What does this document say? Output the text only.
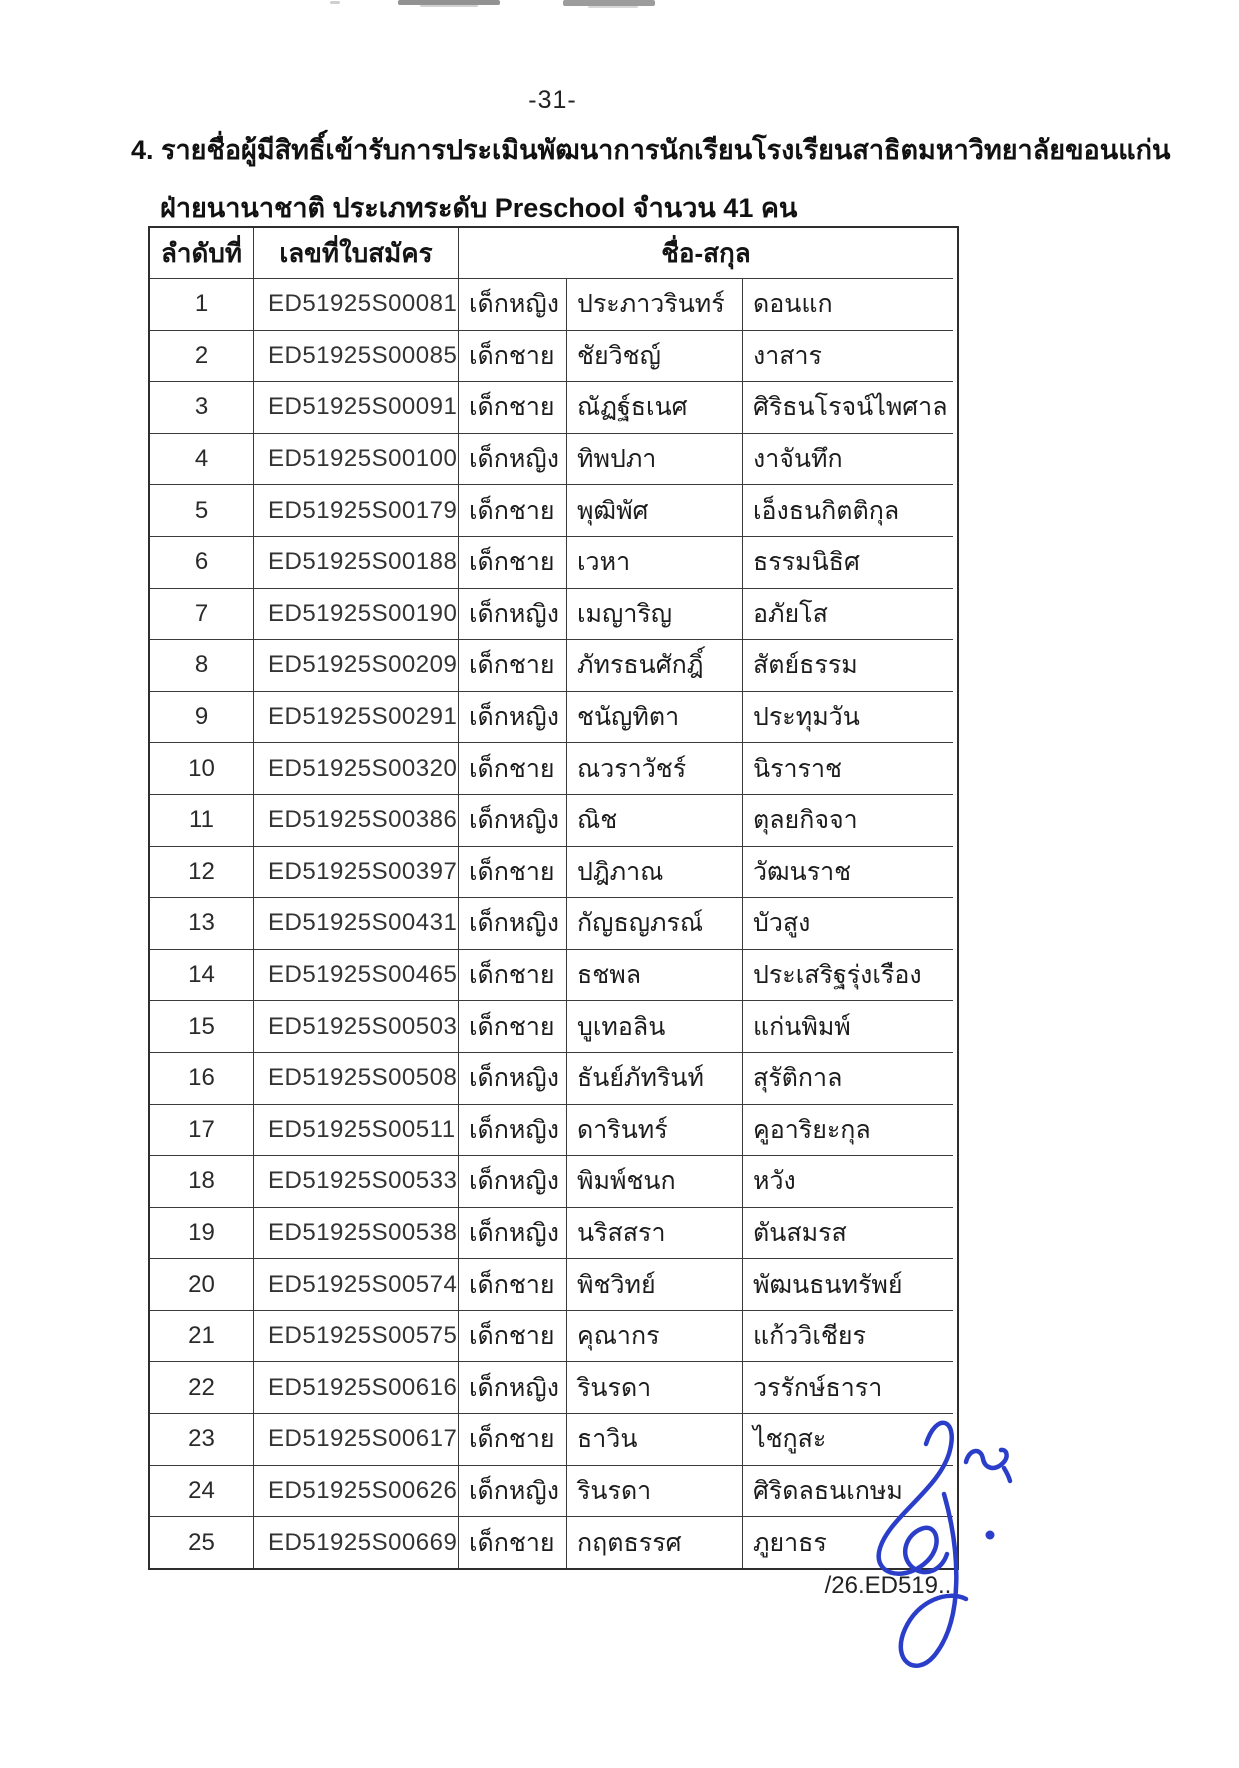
-31-
4. รายชื่อผู้มีสิทธิ์เข้ารับการประเมินพัฒนาการนักเรียนโรงเรียนสาธิตมหาวิทยาลัยขอนแก่น
ฝ่ายนานาชาติ ประเภทระดับ Preschool จำนวน 41 คน
ลำดับที่	เลขที่ใบสมัคร	ชื่อ-สกุล
1	ED51925S00081 เด็กหญิง ประภาวรินทร์	ดอนแก
2	ED51925S00085 เด็กชาย ชัยวิชญ์	งาสาร
3	ED51925S00091 เด็กชาย ณัฏฐ์ธเนศ	ศิริธนโรจน์ไพศาล
4	ED51925S00100 เด็กหญิง ทิพปภา	งาจันทึก
5	ED51925S00179 เด็กชาย พุฒิพัศ	เอ็งธนกิตติกุล
6	ED51925S00188 เด็กชาย เวหา	ธรรมนิธิศ
7	ED51925S00190 เด็กหญิง เมญาริญ	อภัยโส
8	ED51925S00209 เด็กชาย ภัทรธนศักฎิ์	สัตย์ธรรม
9	ED51925S00291 เด็กหญิง ชนัญทิตา	ประทุมวัน
10	ED51925S00320 เด็กชาย ณวราวัชร์	นิราราช
11	ED51925S00386 เด็กหญิง ณิช	ตุลยกิจจา
12	ED51925S00397 เด็กชาย ปฎิภาณ	วัฒนราช
13	ED51925S00431 เด็กหญิง กัญธญภรณ์	บัวสูง
14	ED51925S00465 เด็กชาย ธชพล	ประเสริฐรุ่งเรือง
15	ED51925S00503 เด็กชาย บูเทอลิน	แก่นพิมพ์
16	ED51925S00508 เด็กหญิง ธันย์ภัทรินท์	สุรัติกาล
17	ED51925S00511 เด็กหญิง ดารินทร์	คูอาริยะกุล
18	ED51925S00533 เด็กหญิง พิมพ์ชนก	หวัง
19	ED51925S00538 เด็กหญิง นริสสรา	ตันสมรส
20	ED51925S00574 เด็กชาย พิชวิทย์	พัฒนธนทรัพย์
21	ED51925S00575 เด็กชาย คุณากร	แก้ววิเชียร
22	ED51925S00616 เด็กหญิง รินรดา	วรรักษ์ธารา
23	ED51925S00617 เด็กชาย ธาวิน	ไชกูสะ
24	ED51925S00626 เด็กหญิง รินรดา	ศิริดลธนเกษม
25	ED51925S00669 เด็กชาย กฤตธรรศ	ภูยาธร
/26.ED519...
